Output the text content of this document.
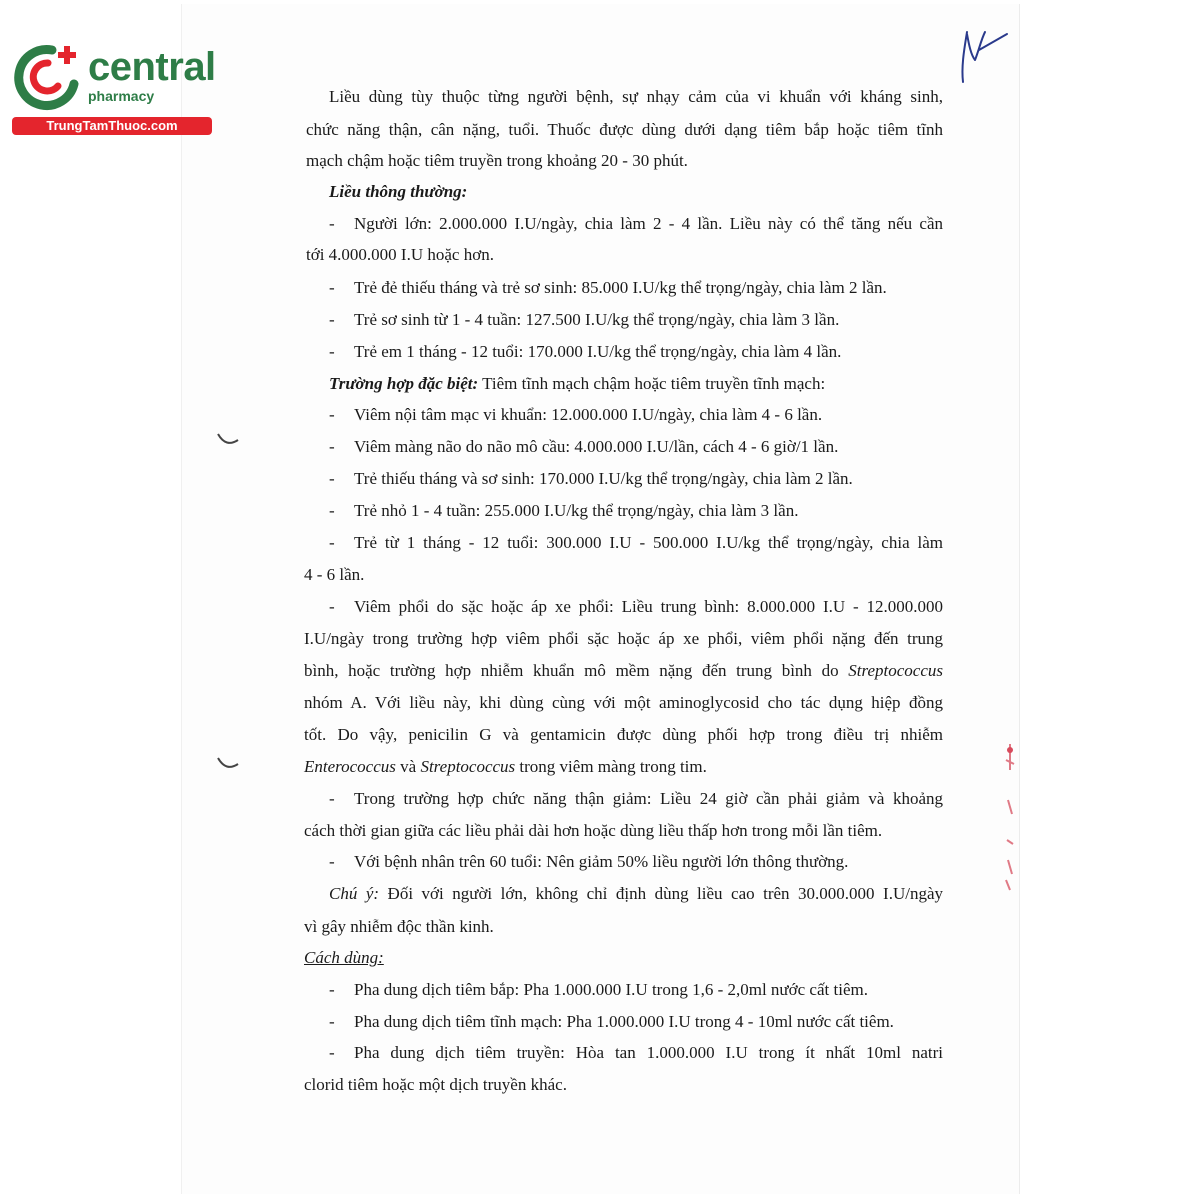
central
pharmacy
TrungTamThuoc.com

Liều dùng tùy thuộc từng người bệnh, sự nhạy cảm của vi khuẩn với kháng sinh,

chức năng thận, cân nặng, tuổi. Thuốc được dùng dưới dạng tiêm bắp hoặc tiêm tĩnh

mạch chậm hoặc tiêm truyền trong khoảng 20 - 30 phút.

Liều thông thường:

- Người lớn: 2.000.000 I.U/ngày, chia làm 2 - 4 lần. Liều này có thể tăng nếu cần

tới 4.000.000 I.U hoặc hơn.

- Trẻ đẻ thiếu tháng và trẻ sơ sinh: 85.000 I.U/kg thể trọng/ngày, chia làm 2 lần.

- Trẻ sơ sinh từ 1 - 4 tuần: 127.500 I.U/kg thể trọng/ngày, chia làm 3 lần.

- Trẻ em 1 tháng - 12 tuổi: 170.000 I.U/kg thể trọng/ngày, chia làm 4 lần.

Trường hợp đặc biệt: Tiêm tĩnh mạch chậm hoặc tiêm truyền tĩnh mạch:

- Viêm nội tâm mạc vi khuẩn: 12.000.000 I.U/ngày, chia làm 4 - 6 lần.

- Viêm màng não do não mô cầu: 4.000.000 I.U/lần, cách 4 - 6 giờ/1 lần.

- Trẻ thiếu tháng và sơ sinh: 170.000 I.U/kg thể trọng/ngày, chia làm 2 lần.

- Trẻ nhỏ 1 - 4 tuần: 255.000 I.U/kg thể trọng/ngày, chia làm 3 lần.

- Trẻ từ 1 tháng - 12 tuổi: 300.000 I.U - 500.000 I.U/kg thể trọng/ngày, chia làm

4 - 6 lần.

- Viêm phổi do sặc hoặc áp xe phổi: Liều trung bình: 8.000.000 I.U - 12.000.000

I.U/ngày trong trường hợp viêm phổi sặc hoặc áp xe phổi, viêm phổi nặng đến trung

bình, hoặc trường hợp nhiễm khuẩn mô mềm nặng đến trung bình do Streptococcus

nhóm A. Với liều này, khi dùng cùng với một aminoglycosid cho tác dụng hiệp đồng

tốt. Do vậy, penicilin G và gentamicin được dùng phối hợp trong điều trị nhiễm

Enterococcus và Streptococcus trong viêm màng trong tim.

- Trong trường hợp chức năng thận giảm: Liều 24 giờ cần phải giảm và khoảng

cách thời gian giữa các liều phải dài hơn hoặc dùng liều thấp hơn trong mỗi lần tiêm.

- Với bệnh nhân trên 60 tuổi: Nên giảm 50% liều người lớn thông thường.

Chú ý: Đối với người lớn, không chỉ định dùng liều cao trên 30.000.000 I.U/ngày

vì gây nhiễm độc thần kinh.

Cách dùng:

- Pha dung dịch tiêm bắp: Pha 1.000.000 I.U trong 1,6 - 2,0ml nước cất tiêm.

- Pha dung dịch tiêm tĩnh mạch: Pha 1.000.000 I.U trong 4 - 10ml nước cất tiêm.

- Pha dung dịch tiêm truyền: Hòa tan 1.000.000 I.U trong ít nhất 10ml natri

clorid tiêm hoặc một dịch truyền khác.
